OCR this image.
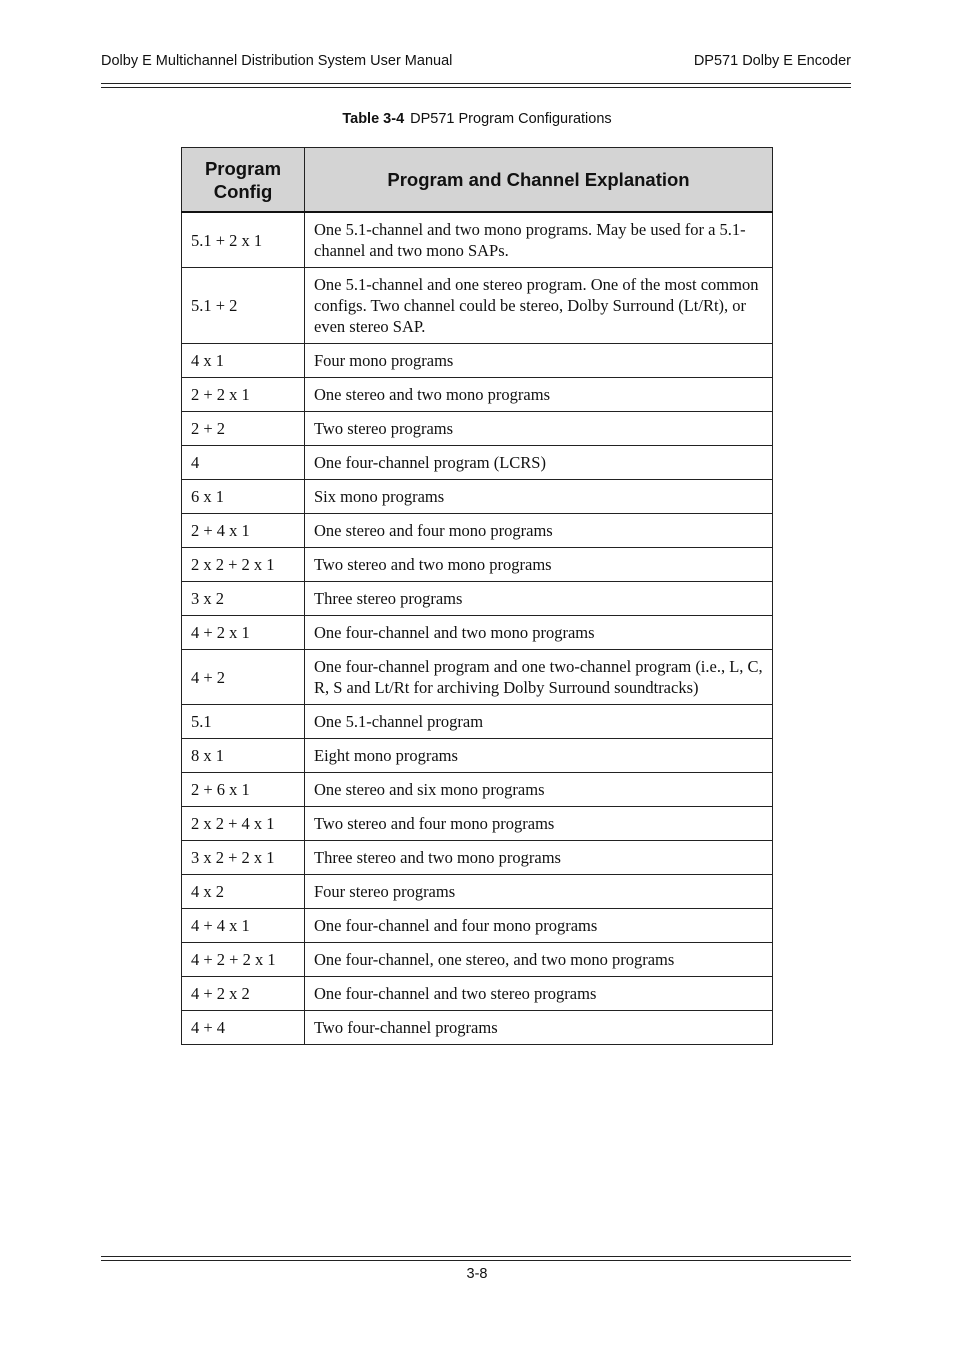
Dolby E Multichannel Distribution System User Manual	DP571 Dolby E Encoder
Table 3-4 DP571 Program Configurations
Program Config	Program and Channel Explanation
5.1 + 2 x 1	One 5.1-channel and two mono programs. May be used for a 5.1-channel and two mono SAPs.
5.1 + 2	One 5.1-channel and one stereo program. One of the most common configs. Two channel could be stereo, Dolby Surround (Lt/Rt), or even stereo SAP.
4 x 1	Four mono programs
2 + 2 x 1	One stereo and two mono programs
2 + 2	Two stereo programs
4	One four-channel program (LCRS)
6 x 1	Six mono programs
2 + 4 x 1	One stereo and four mono programs
2 x 2 + 2 x 1	Two stereo and two mono programs
3 x 2	Three stereo programs
4 + 2 x 1	One four-channel and two mono programs
4 + 2	One four-channel program and one two-channel program (i.e., L, C, R, S and Lt/Rt for archiving Dolby Surround soundtracks)
5.1	One 5.1-channel program
8 x 1	Eight mono programs
2 + 6 x 1	One stereo and six mono programs
2 x 2 + 4 x 1	Two stereo and four mono programs
3 x 2 + 2 x 1	Three stereo and two mono programs
4 x 2	Four stereo programs
4 + 4 x 1	One four-channel and four mono programs
4 + 2 + 2 x 1	One four-channel, one stereo, and two mono programs
4 + 2 x 2	One four-channel and two stereo programs
4 + 4	Two four-channel programs
3-8
